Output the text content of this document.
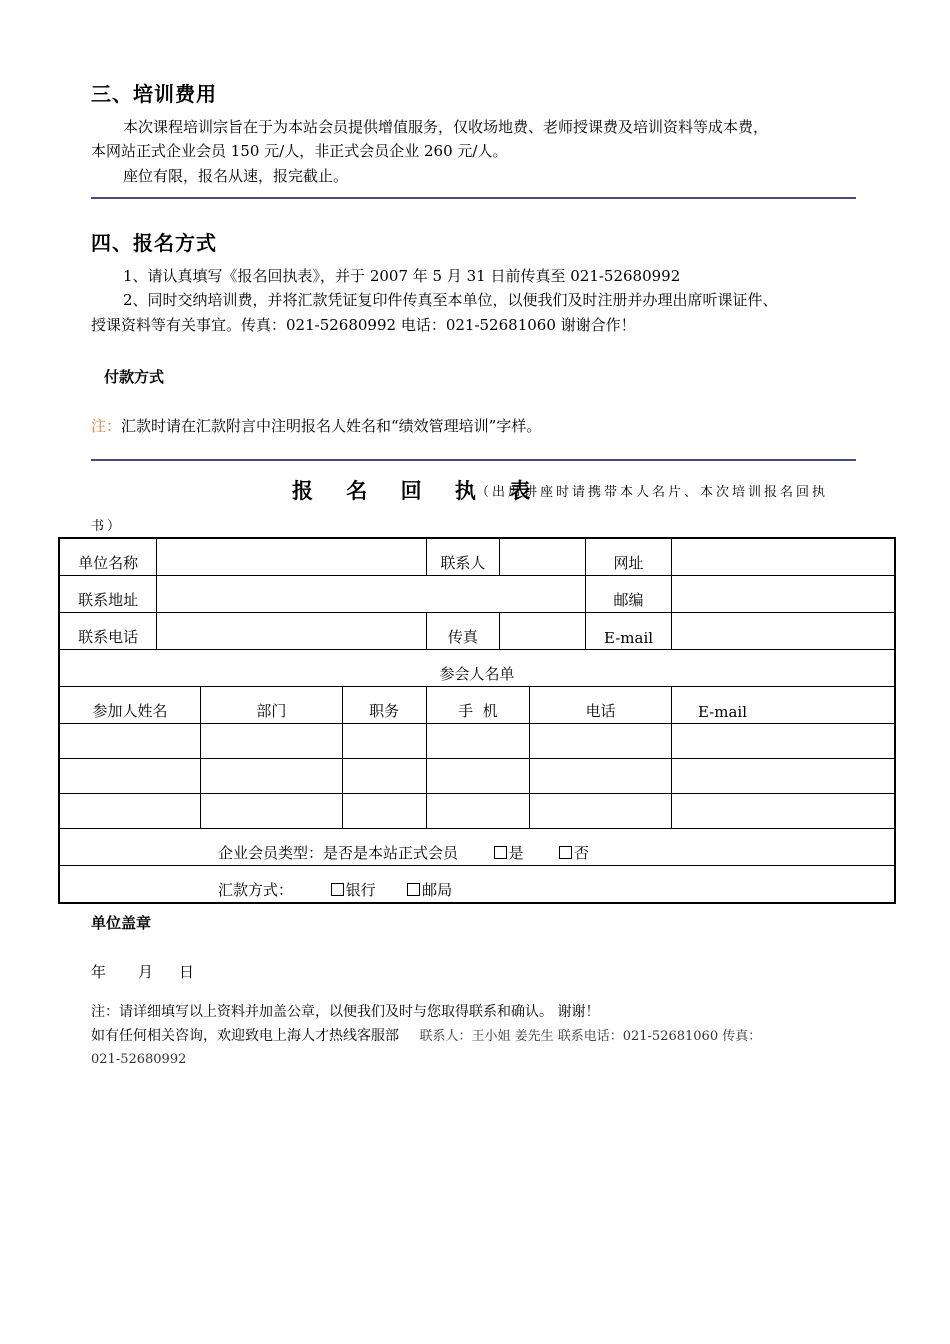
三、培训费用
本次课程培训宗旨在于为本站会员提供增值服务，仅收场地费、老师授课费及培训资料等成本费，
本网站正式企业会员 150 元/人，非正式会员企业 260 元/人。
座位有限，报名从速，报完截止。
四、报名方式
1、请认真填写《报名回执表》，并于 2007 年 5 月 31 日前传真至 021-52680992
2、同时交纳培训费，并将汇款凭证复印件传真至本单位，以便我们及时注册并办理出席听课证件、
授课资料等有关事宜。传真：021-52680992 电话：021-52681060 谢谢合作！
付款方式
注：汇款时请在汇款附言中注明报名人姓名和“绩效管理培训”字样。
报 名 回 执 表
（出席讲座时请携带本人名片、本次培训报名回执
书）
单位名称				联系人			网址	
联系地址							邮编	
联系电话				传真			E-mail	
参会人名单								
参加人姓名		部门	职务	手  机		电话		E-mail

企业会员类型：是否是本站正式会员 是 否								
汇款方式： 银行 邮局								
单位盖章
年 月 日
注：请详细填写以上资料并加盖公章，以便我们及时与您取得联系和确认。 谢谢！
如有任何相关咨询，欢迎致电上海人才热线客服部 联系人：王小姐 姜先生 联系电话：021-52681060 传真：
021-52680992
